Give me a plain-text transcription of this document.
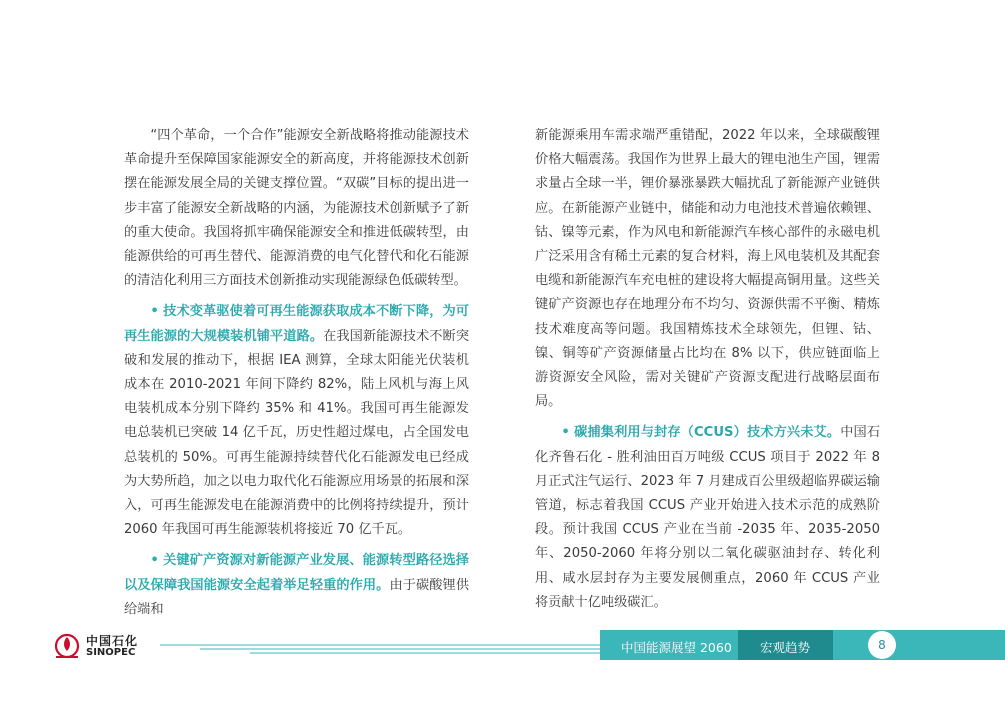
“四个革命，一个合作”能源安全新战略将推动能源技术革命提升至保障国家能源安全的新高度，并将能源技术创新摆在能源发展全局的关键支撑位置。“双碳”目标的提出进一步丰富了能源安全新战略的内涵，为能源技术创新赋予了新的重大使命。我国将抓牢确保能源安全和推进低碳转型，由能源供给的可再生替代、能源消费的电气化替代和化石能源的清洁化利用三方面技术创新推动实现能源绿色低碳转型。

• 技术变革驱使着可再生能源获取成本不断下降，为可再生能源的大规模装机铺平道路。在我国新能源技术不断突破和发展的推动下，根据 IEA 测算，全球太阳能光伏装机成本在 2010-2021 年间下降约 82%，陆上风机与海上风电装机成本分别下降约 35% 和 41%。我国可再生能源发电总装机已突破 14 亿千瓦，历史性超过煤电，占全国发电总装机的 50%。可再生能源持续替代化石能源发电已经成为大势所趋，加之以电力取代化石能源应用场景的拓展和深入，可再生能源发电在能源消费中的比例将持续提升，预计 2060 年我国可再生能源装机将接近 70 亿千瓦。

• 关键矿产资源对新能源产业发展、能源转型路径选择以及保障我国能源安全起着举足轻重的作用。由于碳酸锂供给端和

新能源乘用车需求端严重错配，2022 年以来，全球碳酸锂价格大幅震荡。我国作为世界上最大的锂电池生产国，锂需求量占全球一半，锂价暴涨暴跌大幅扰乱了新能源产业链供应。在新能源产业链中，储能和动力电池技术普遍依赖锂、钴、镍等元素，作为风电和新能源汽车核心部件的永磁电机广泛采用含有稀土元素的复合材料，海上风电装机及其配套电缆和新能源汽车充电桩的建设将大幅提高铜用量。这些关键矿产资源也存在地理分布不均匀、资源供需不平衡、精炼技术难度高等问题。我国精炼技术全球领先，但锂、钴、镍、铜等矿产资源储量占比均在 8% 以下，供应链面临上游资源安全风险，需对关键矿产资源支配进行战略层面布局。

• 碳捕集利用与封存（CCUS）技术方兴未艾。中国石化齐鲁石化 - 胜利油田百万吨级 CCUS 项目于 2022 年 8 月正式注气运行、2023 年 7 月建成百公里级超临界碳运输管道，标志着我国 CCUS 产业开始进入技术示范的成熟阶段。预计我国 CCUS 产业在当前 -2035 年、2035-2050 年、2050-2060 年将分别以二氧化碳驱油封存、转化利用、咸水层封存为主要发展侧重点，2060 年 CCUS 产业将贡献十亿吨级碳汇。

中国石化
SINOPEC	中国能源展望 2060 宏观趋势	8
